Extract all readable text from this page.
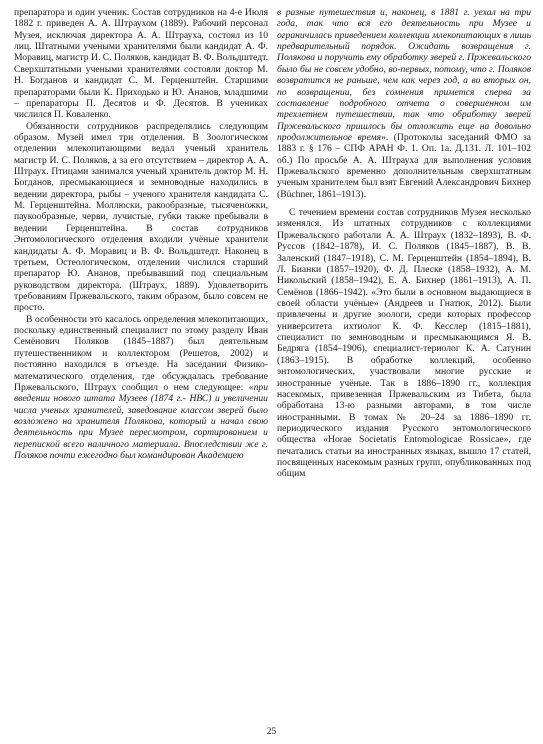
препаратора и один ученик. Состав сотрудников на 4-е Июля 1882 г. приведен А. А. Штраухом (1889). Рабочий персонал Музея, исключая директора А. А. Штрауха, состоял из 10 лиц. Штатными учеными хранителями были кандидат А. Ф. Моравиц, магистр И. С. Поляков, кандидат В. Ф. Вольдштедт. Сверхштатными учеными хранителями состояли доктор М. Н. Богданов и кандидат С. М. Герценштейн. Старшими препараторами были К. Приходько и Ю. Ананов, младшими – препараторы П. Десятов и Ф. Десятов. В учениках числился П. Коваленко.

Обязанности сотрудников распределялись следующим образом. Музей имел три отделения. В Зоологическом отделении млекопитающими ведал ученый хранитель магистр И. С. Поляков, а за его отсутствием – директор А. А. Штраух. Птицами занимался ученый хранитель доктор М. Н. Богданов, пресмыкающиеся и земноводные находились в ведении директора, рыбы – ученого хранителя кандидата С. М. Герценштейна. Моллюски, ракообразные, тысяченожки, паукообразные, черви, лучистые, губки также пребывали в ведении Герценштейна. В состав сотрудников Энтомологического отделения входили учёные хранители кандидаты А. Ф. Моравиц и В. Ф. Вольдштедт. Наконец в третьем, Остеологическом, отделении числился старший препаратор Ю. Ананов, пребывавший под специальным руководством директора. (Штраух, 1889). Удовлетворить требованиям Пржевальского, таким образом, было совсем не просто.

В особенности это касалось определения млекопитающих, поскольку единственный специалист по этому разделу Иван Семёнович Поляков (1845–1887) был деятельным путешественником и коллектором (Решетов, 2002) и постоянно находился в отъезде. На заседании Физико-математического отделения, где обсуждалась требование Пржевальского, Штраух сообщил о нем следующее: «при введении нового штата Музеев (1874 г.- НВС) и увеличении числа ученых хранителей, заведование классом зверей было возложено на хранителя Полякова, который и начал свою деятельность при Музее пересмотром, сортированием и перепиской всего наличного материала. Впоследствии же г. Поляков почти ежегодно был командирован Академиею

в разные путешествия и, наконец, в 1881 г. уехал на три года, так что вся его деятельность при Музее и ограничилась приведением коллекции млекопитающих в лишь предварительный порядок. Ожидать возвращения г. Полякова и поручить ему обработку зверей г. Пржевальского было бы не совсем удобно, во-первых, потому, что г. Поляков возвратится не раньше, чем как через год, а во вторых он, по возвращении, без сомнения примется сперва за составление подробного отчета о совершенном им трехлетнем путешествии, так что обработку зверей Пржевальского пришлось бы отложить еще на довольно продолжительное время». (Протоколы заседаний ФМО за 1883 г. § 176 – СПФ АРАН Ф. 1. Оп. 1а. Д.131. Л. 101–102 об.) По просьбе А. А. Штрауха для выполнения условия Пржевальского временно дополнительным сверхштатным ученым хранителем был взят Евгений Александрович Бихнер (Büchner, 1861–1913).

С течением времени состав сотрудников Музея несколько изменялся. Из штатных сотрудников с коллекциями Пржевальского работали А. А. Штраух (1832–1893), В. Ф. Руссов (1842–1878), И. С. Поляков (1845–1887), В. В. Заленский (1847–1918), С. М. Герценштейн (1854–1894), В. Л. Бианки (1857–1920), Ф. Д. Плеске (1858–1932), А. М. Никольский (1858–1942), Е. А. Бихнер (1861–1913), А. П. Семёнов (1866–1942). «Это были в основном выдающиеся в своей области учёные» (Андреев и Гнатюк, 2012). Были привлечены и другие зоологи, среди которых профессор университета ихтиолог К. Ф. Кесслер (1815–1881), специалист по земноводным и пресмыкающимся Я. В. Бедряга (1854–1906), специалист-териолог К. А. Сатунин (1863–1915). В обработке коллекций, особенно энтомологических, участвовали многие русские и иностранные учёные. Так в 1886–1890 гг., коллекция насекомых, привезенная Пржевальским из Тибета, была обработана 13-ю разными авторами, в том числе иностранными. В томах № 20–24 за 1886–1890 гг. периодического издания Русского энтомологического общества «Horae Societatis Entomologicae Rossicae», где печатались статьи на иностранных языках, вышло 17 статей, посвященных насекомым разных групп, опубликованных под общим

25
